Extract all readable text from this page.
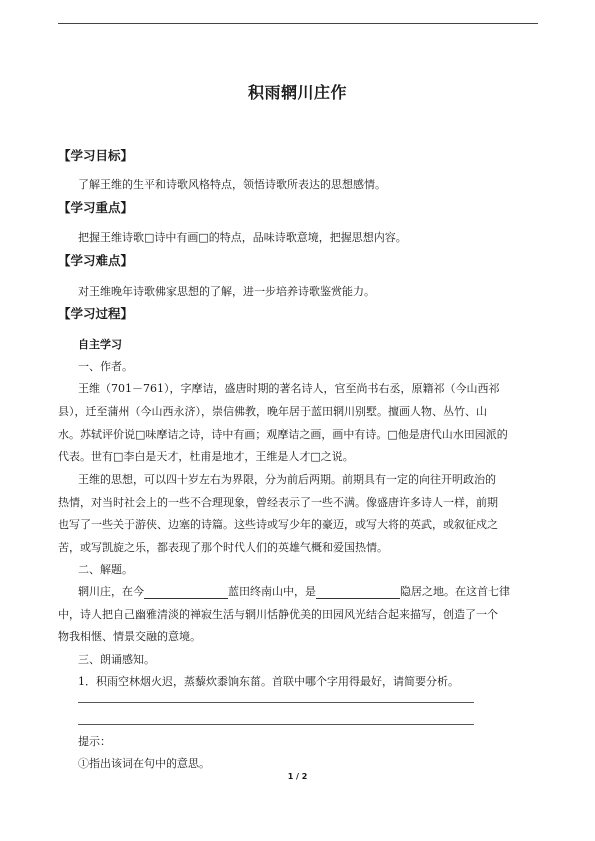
积雨辋川庄作
【学习目标】
了解王维的生平和诗歌风格特点，领悟诗歌所表达的思想感情。
【学习重点】
把握王维诗歌□诗中有画□的特点，品味诗歌意境，把握思想内容。
【学习难点】
对王维晚年诗歌佛家思想的了解，进一步培养诗歌鉴赏能力。
【学习过程】
自主学习
一、作者。
王维（701－761），字摩诘，盛唐时期的著名诗人，官至尚书右丞，原籍祁（今山西祁
县），迁至蒲州（今山西永济），崇信佛教，晚年居于蓝田辋川别墅。擅画人物、丛竹、山
水。苏轼评价说□味摩诘之诗，诗中有画；观摩诘之画，画中有诗。□他是唐代山水田园派的
代表。世有□李白是天才，杜甫是地才，王维是人才□之说。
王维的思想，可以四十岁左右为界限，分为前后两期。前期具有一定的向往开明政治的
热情，对当时社会上的一些不合理现象，曾经表示了一些不满。像盛唐许多诗人一样，前期
也写了一些关于游侠、边塞的诗篇。这些诗或写少年的豪迈，或写大将的英武，或叙征戍之
苦，或写凯旋之乐，都表现了那个时代人们的英雄气概和爱国热情。
二、解题。
辋川庄，在今	蓝田终南山中，是	隐居之地。在这首七律
中，诗人把自己幽雅清淡的禅寂生活与辋川恬静优美的田园风光结合起来描写，创造了一个
物我相惬、情景交融的意境。
三、朗诵感知。
1．积雨空林烟火迟，蒸藜炊黍饷东菑。首联中哪个字用得最好，请简要分析。
提示：
①指出该词在句中的意思。
1 / 2
